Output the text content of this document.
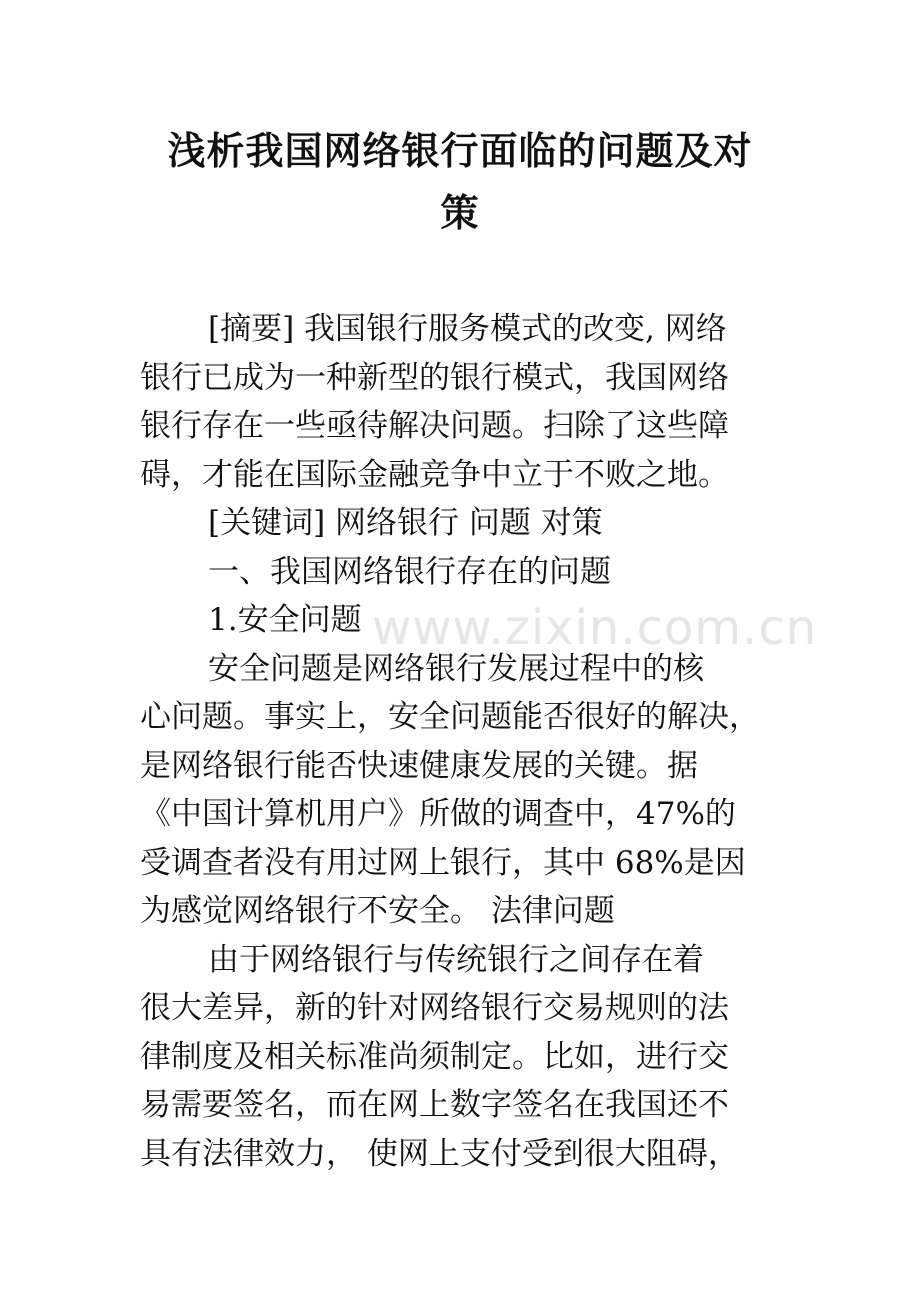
浅析我国网络银行面临的问题及对
策
www.zixin.com.cn
[摘要] 我国银行服务模式的改变, 网络
银行已成为一种新型的银行模式，我国网络
银行存在一些亟待解决问题。扫除了这些障
碍，才能在国际金融竞争中立于不败之地。
[关键词] 网络银行 问题 对策
一、我国网络银行存在的问题
1.安全问题
安全问题是网络银行发展过程中的核
心问题。事实上，安全问题能否很好的解决，
是网络银行能否快速健康发展的关键。据
《中国计算机用户》所做的调查中，47%的
受调查者没有用过网上银行，其中 68%是因
为感觉网络银行不安全。 法律问题
由于网络银行与传统银行之间存在着
很大差异，新的针对网络银行交易规则的法
律制度及相关标准尚须制定。比如，进行交
易需要签名，而在网上数字签名在我国还不
具有法律效力， 使网上支付受到很大阻碍，
